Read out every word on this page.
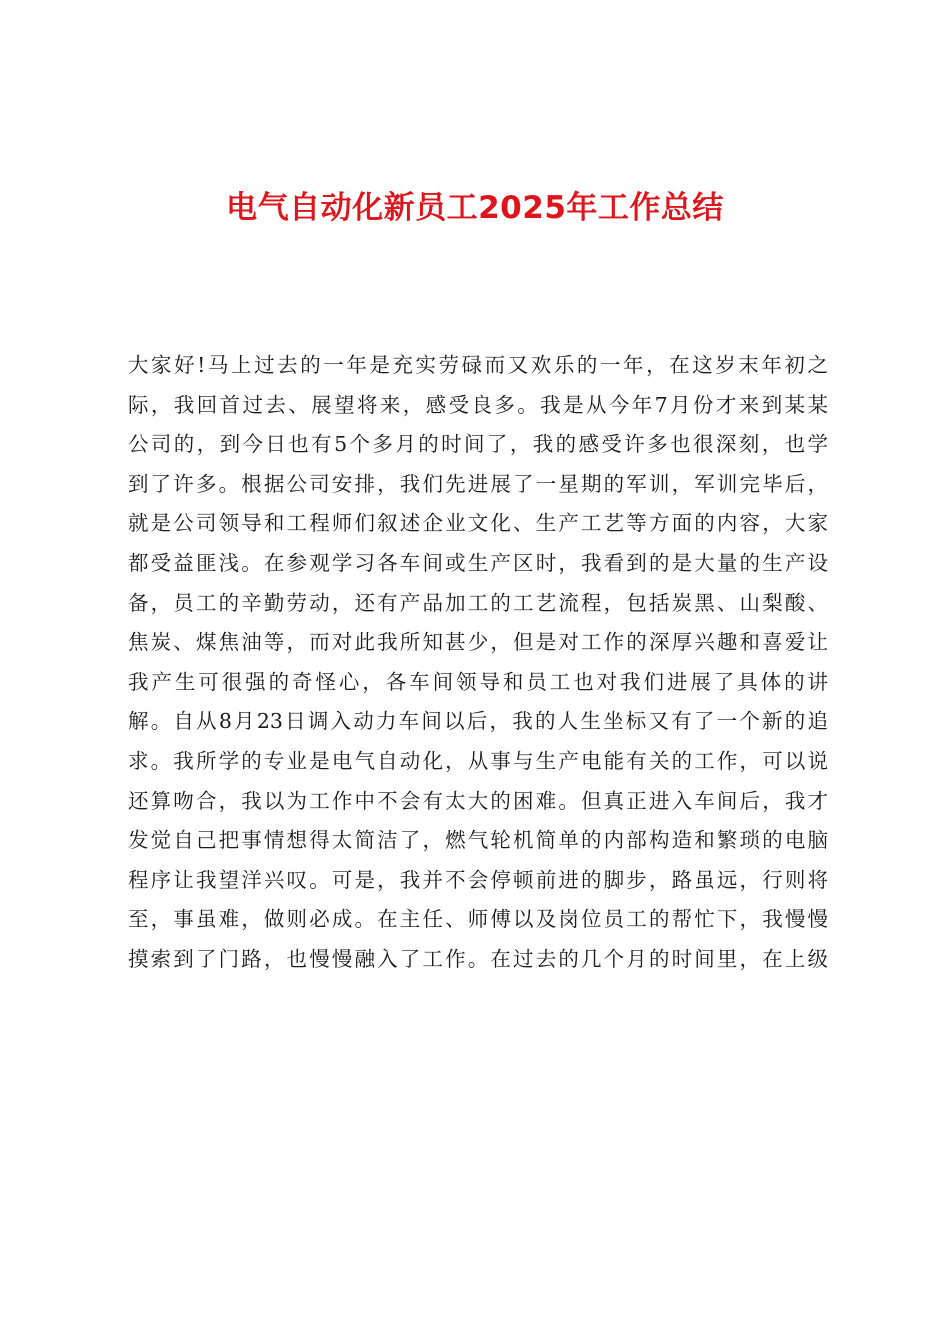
电气自动化新员工2025年工作总结
大家好!马上过去的一年是充实劳碌而又欢乐的一年，在这岁末年初之
际，我回首过去、展望将来，感受良多。我是从今年7月份才来到某某
公司的，到今日也有5个多月的时间了，我的感受许多也很深刻，也学
到了许多。根据公司安排，我们先进展了一星期的军训，军训完毕后，
就是公司领导和工程师们叙述企业文化、生产工艺等方面的内容，大家
都受益匪浅。在参观学习各车间或生产区时，我看到的是大量的生产设
备，员工的辛勤劳动，还有产品加工的工艺流程，包括炭黑、山梨酸、
焦炭、煤焦油等，而对此我所知甚少，但是对工作的深厚兴趣和喜爱让
我产生可很强的奇怪心，各车间领导和员工也对我们进展了具体的讲
解。自从8月23日调入动力车间以后，我的人生坐标又有了一个新的追
求。我所学的专业是电气自动化，从事与生产电能有关的工作，可以说
还算吻合，我以为工作中不会有太大的困难。但真正进入车间后，我才
发觉自己把事情想得太简洁了，燃气轮机简单的内部构造和繁琐的电脑
程序让我望洋兴叹。可是，我并不会停顿前进的脚步，路虽远，行则将
至，事虽难，做则必成。在主任、师傅以及岗位员工的帮忙下，我慢慢
摸索到了门路，也慢慢融入了工作。在过去的几个月的时间里，在上级
